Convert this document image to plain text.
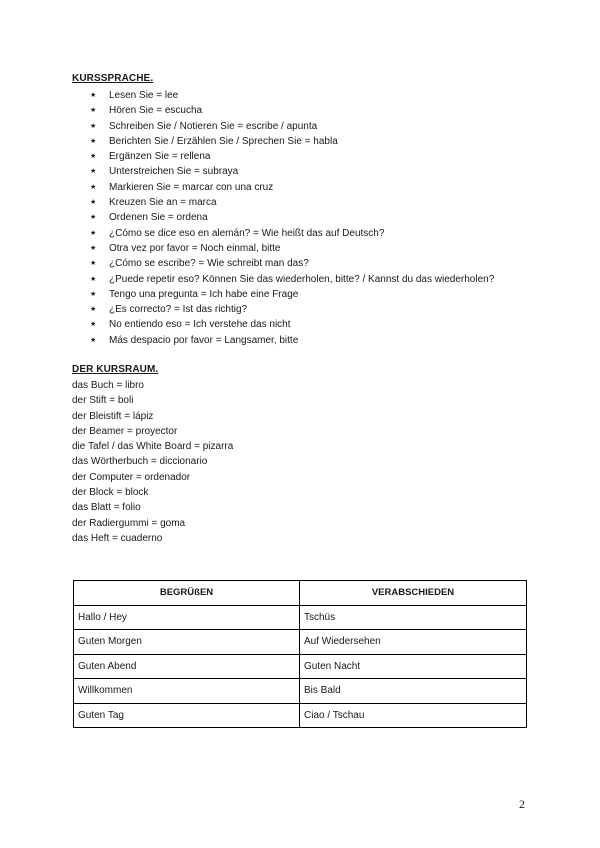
KURSSPRACHE.
★	Lesen Sie = lee
★	Hören Sie = escucha
★	Schreiben Sie / Notieren Sie = escribe / apunta
★	Berichten Sie / Erzählen Sie / Sprechen Sie = habla
★	Ergänzen Sie = rellena
★	Unterstreichen Sie = subraya
★	Markieren Sie = marcar con una cruz
★	Kreuzen Sie an = marca
★	Ordenen Sie = ordena
★	¿Cómo se dice eso en alemán? = Wie heißt das auf Deutsch?
★	Otra vez por favor = Noch einmal, bitte
★	¿Cómo se escribe? = Wie schreibt man das?
★	¿Puede repetir eso? Können Sie das wiederholen, bitte? / Kannst du das wiederholen?
★	Tengo una pregunta = Ich habe eine Frage
★	¿Es correcto? = Ist das richtig?
★	No entiendo eso = Ich verstehe das nicht
★	Más despacio por favor = Langsamer, bitte
DER KURSRAUM.
das Buch = libro
der Stift = boli
der Bleistift = lápiz
der Beamer = proyector
die Tafel / das White Board = pizarra
das Wörtherbuch = diccionario
der Computer = ordenador
der Block = block
das Blatt = folio
der Radiergummi = goma
das Heft = cuaderno
BEGRÜßEN	VERABSCHIEDEN
Hallo / Hey	Tschüs
Guten Morgen	Auf Wiedersehen
Guten Abend	Guten Nacht
Willkommen	Bis Bald
Guten Tag	Ciao / Tschau
2
